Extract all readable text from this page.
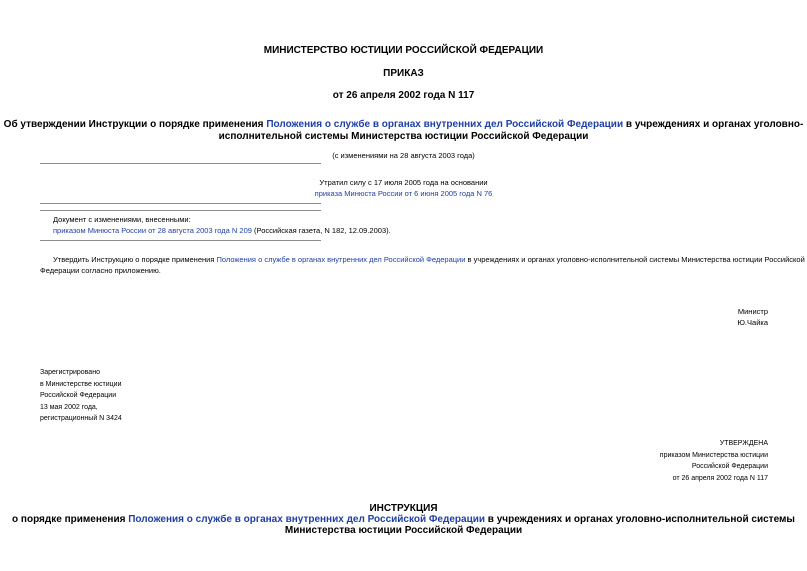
МИНИСТЕРСТВО ЮСТИЦИИ РОССИЙСКОЙ ФЕДЕРАЦИИ
ПРИКАЗ
от 26 апреля 2002 года N 117
Об утверждении Инструкции о порядке применения Положения о службе в органах внутренних дел Российской Федерации в учреждениях и органах уголовно-
исполнительной системы Министерства юстиции Российской Федерации
(с изменениями на 28 августа 2003 года)
Утратил силу с 17 июля 2005 года на основании
приказа Минюста России от 6 июня 2005 года N 76
Документ с изменениями, внесенными:
приказом Минюста России от 28 августа 2003 года N 209 (Российская газета, N 182, 12.09.2003).
Утвердить Инструкцию о порядке применения Положения о службе в органах внутренних дел Российской Федерации в учреждениях и органах уголовно-исполнительной системы Министерства юстиции Российской
Федерации согласно приложению.
Министр
Ю.Чайка
Зарегистрировано
в Министерстве юстиции
Российской Федерации
13 мая 2002 года,
регистрационный N 3424
УТВЕРЖДЕНА
приказом Министерства юстиции
Российской Федерации
от 26 апреля 2002 года N 117
ИНСТРУКЦИЯ
о порядке применения Положения о службе в органах внутренних дел Российской Федерации в учреждениях и органах уголовно-исполнительной системы
Министерства юстиции Российской Федерации
